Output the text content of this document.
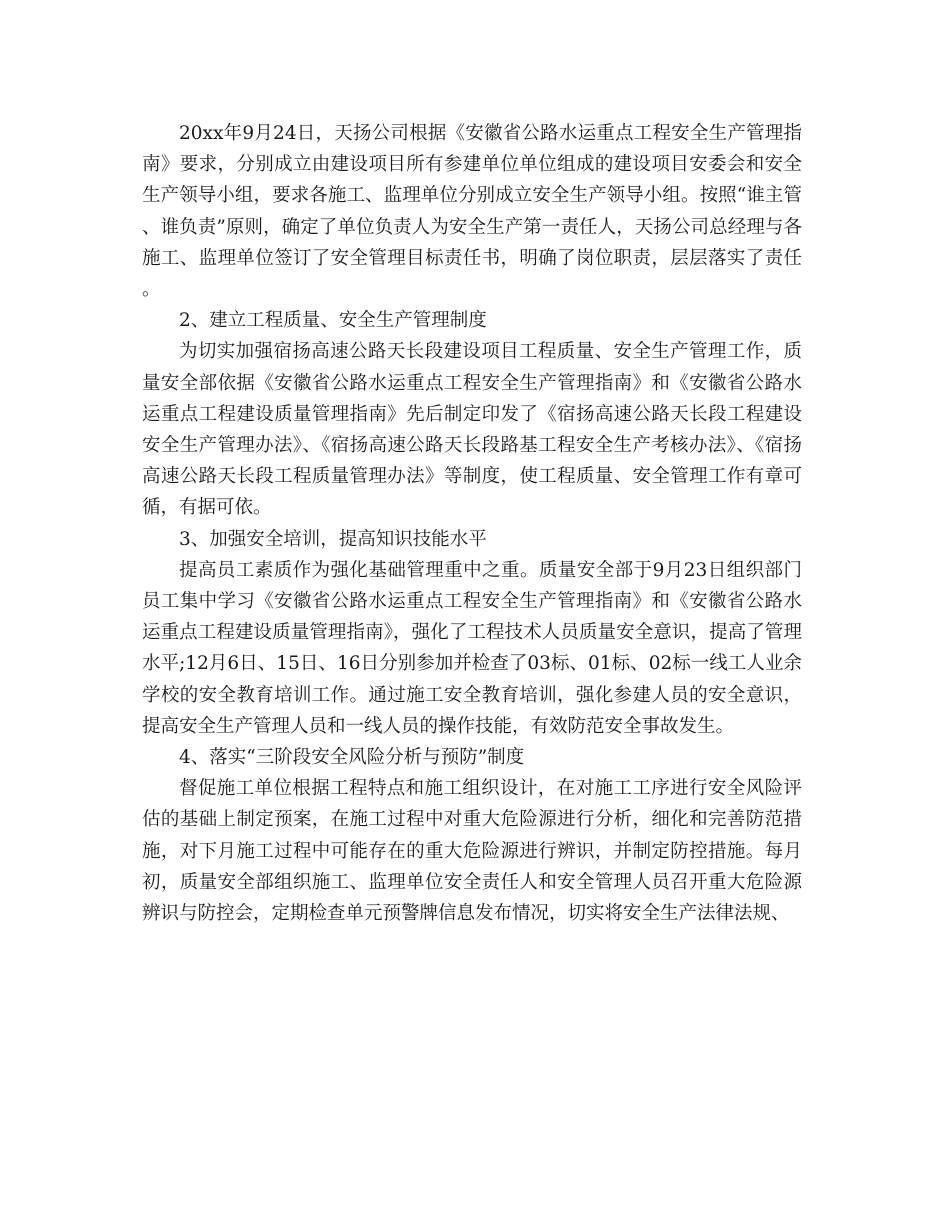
20xx年9月24日，天扬公司根据《安徽省公路水运重点工程安全生产管理指南》要求，分别成立由建设项目所有参建单位单位组成的建设项目安委会和安全生产领导小组，要求各施工、监理单位分别成立安全生产领导小组。按照“谁主管、谁负责”原则，确定了单位负责人为安全生产第一责任人，天扬公司总经理与各施工、监理单位签订了安全管理目标责任书，明确了岗位职责，层层落实了责任。

2、建立工程质量、安全生产管理制度

为切实加强宿扬高速公路天长段建设项目工程质量、安全生产管理工作，质量安全部依据《安徽省公路水运重点工程安全生产管理指南》和《安徽省公路水运重点工程建设质量管理指南》先后制定印发了《宿扬高速公路天长段工程建设安全生产管理办法》、《宿扬高速公路天长段路基工程安全生产考核办法》、《宿扬高速公路天长段工程质量管理办法》等制度，使工程质量、安全管理工作有章可循，有据可依。

3、加强安全培训，提高知识技能水平

提高员工素质作为强化基础管理重中之重。质量安全部于9月23日组织部门员工集中学习《安徽省公路水运重点工程安全生产管理指南》和《安徽省公路水运重点工程建设质量管理指南》，强化了工程技术人员质量安全意识，提高了管理水平;12月6日、15日、16日分别参加并检查了03标、01标、02标一线工人业余学校的安全教育培训工作。通过施工安全教育培训，强化参建人员的安全意识，提高安全生产管理人员和一线人员的操作技能，有效防范安全事故发生。

4、落实“三阶段安全风险分析与预防”制度

督促施工单位根据工程特点和施工组织设计，在对施工工序进行安全风险评估的基础上制定预案，在施工过程中对重大危险源进行分析，细化和完善防范措施，对下月施工过程中可能存在的重大危险源进行辨识，并制定防控措施。每月初，质量安全部组织施工、监理单位安全责任人和安全管理人员召开重大危险源辨识与防控会，定期检查单元预警牌信息发布情况，切实将安全生产法律法规、
